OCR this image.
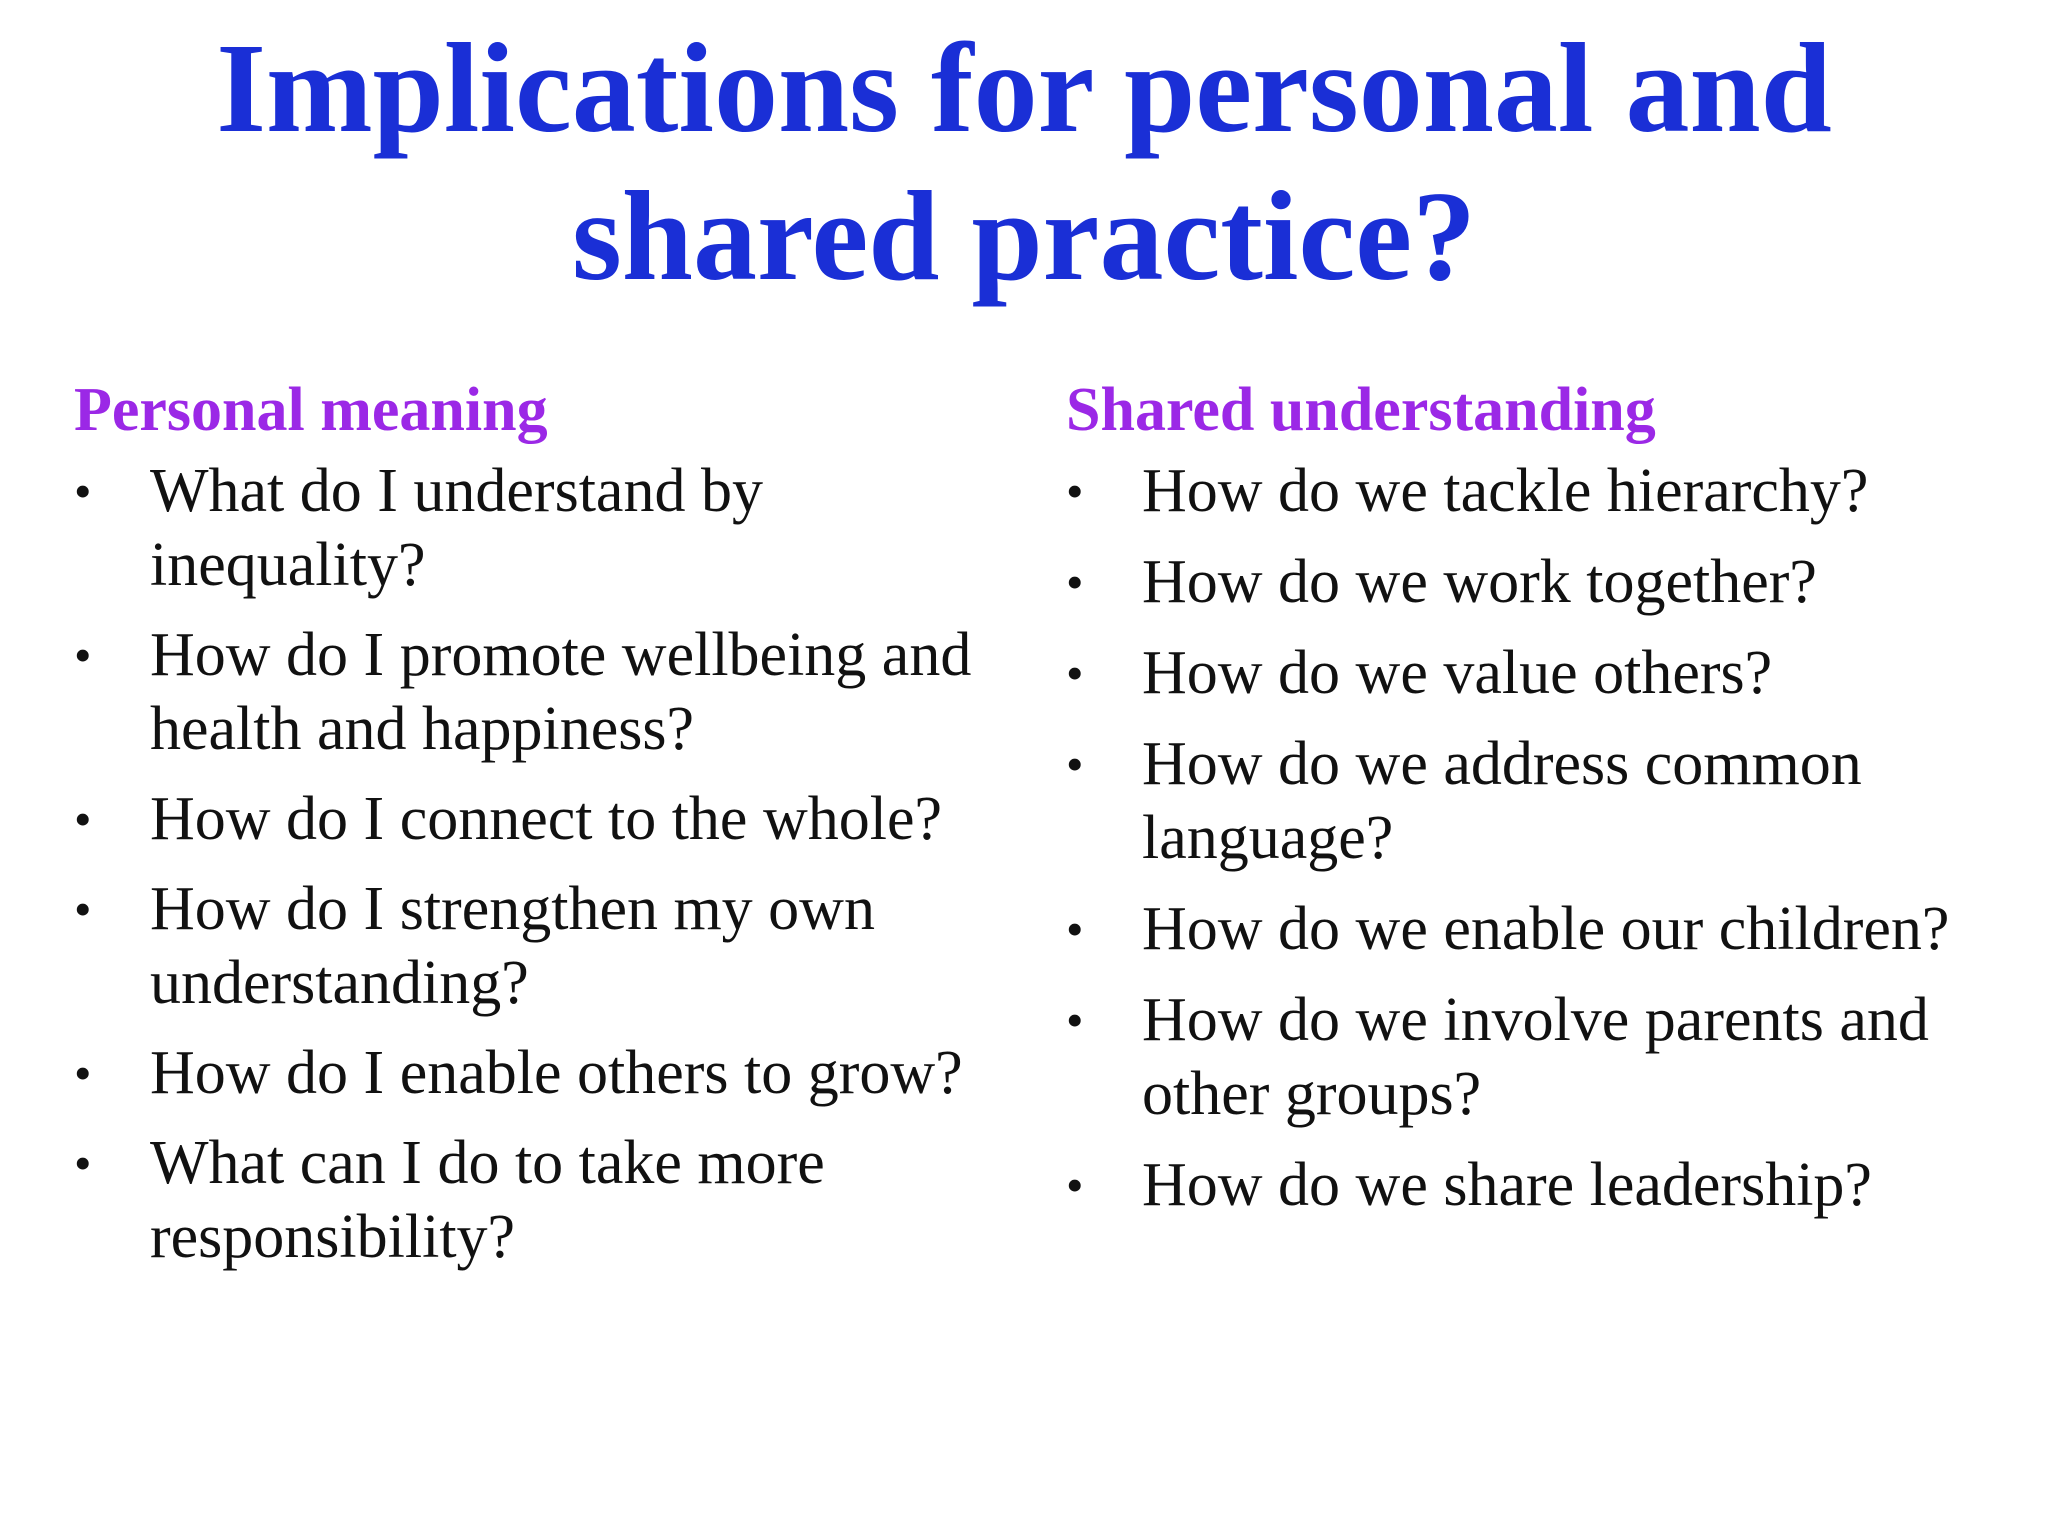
Implications for personal and
shared practice?
Personal meaning
• What do I understand by inequality?
• How do I promote wellbeing and health and happiness?
• How do I connect to the whole?
• How do I strengthen my own understanding?
• How do I enable others to grow?
• What can I do to take more responsibility?
Shared understanding
• How do we tackle hierarchy?
• How do we work together?
• How do we value others?
• How do we address common language?
• How do we enable our children?
• How do we involve parents and other groups?
• How do we share leadership?
